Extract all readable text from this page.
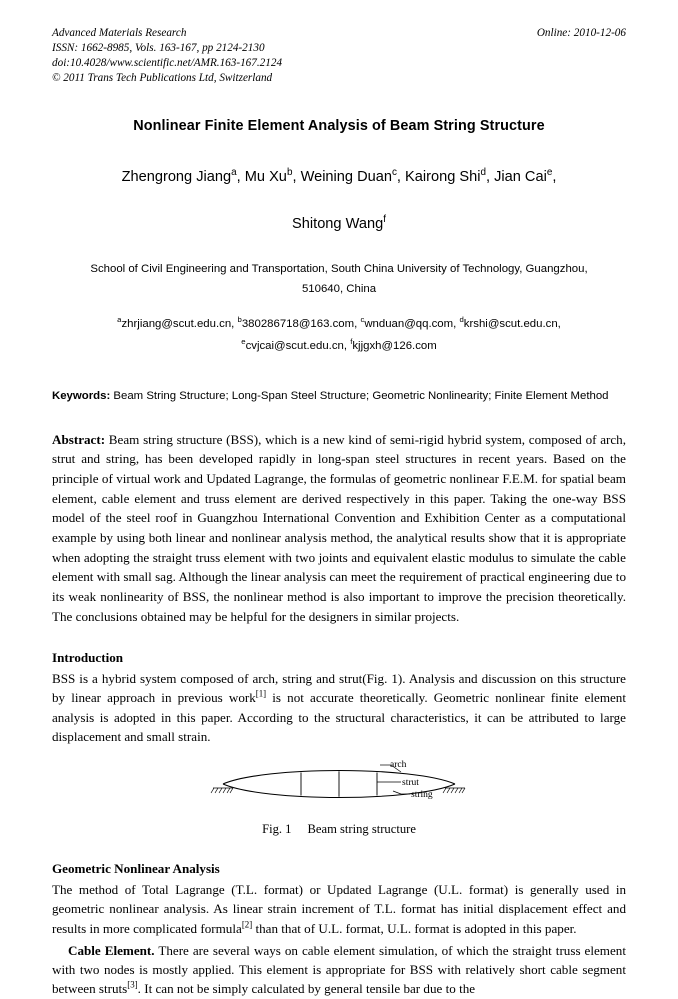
Online: 2010-12-06
Advanced Materials Research
ISSN: 1662-8985, Vols. 163-167, pp 2124-2130
doi:10.4028/www.scientific.net/AMR.163-167.2124
© 2011 Trans Tech Publications Ltd, Switzerland
Nonlinear Finite Element Analysis of Beam String Structure
Zhengrong Jiang$^a$, Mu Xu$^b$, Weining Duan$^c$, Kairong Shi$^d$, Jian Cai$^e$,
Shitong Wang$^f$
School of Civil Engineering and Transportation, South China University of Technology, Guangzhou,
510640, China
$^a$zhrjiang@scut.edu.cn, $^b$380286718@163.com, $^c$wnduan@qq.com, $^d$krshi@scut.edu.cn,
$^e$cvjcai@scut.edu.cn, $^f$kjjgxh@126.com
Keywords: Beam String Structure; Long-Span Steel Structure; Geometric Nonlinearity; Finite Element Method
Abstract: Beam string structure (BSS), which is a new kind of semi-rigid hybrid system, composed of arch, strut and string, has been developed rapidly in long-span steel structures in recent years. Based on the principle of virtual work and Updated Lagrange, the formulas of geometric nonlinear F.E.M. for spatial beam element, cable element and truss element are derived respectively in this paper. Taking the one-way BSS model of the steel roof in Guangzhou International Convention and Exhibition Center as a computational example by using both linear and nonlinear analysis method, the analytical results show that it is appropriate when adopting the straight truss element with two joints and equivalent elastic modulus to simulate the cable element with small sag. Although the linear analysis can meet the requirement of practical engineering due to its weak nonlinearity of BSS, the nonlinear method is also important to improve the precision theoretically. The conclusions obtained may be helpful for the designers in similar projects.
Introduction
BSS is a hybrid system composed of arch, string and strut(Fig. 1). Analysis and discussion on this structure by linear approach in previous work[1] is not accurate theoretically. Geometric nonlinear finite element analysis is adopted in this paper. According to the structural characteristics, it can be attributed to large displacement and small strain.
arch
strut
string
Fig. 1 Beam string structure
Geometric Nonlinear Analysis
The method of Total Lagrange (T.L. format) or Updated Lagrange (U.L. format) is generally used in geometric nonlinear analysis. As linear strain increment of T.L. format has initial displacement effect and results in more complicated formula[2] than that of U.L. format, U.L. format is adopted in this paper.
Cable Element. There are several ways on cable element simulation, of which the straight truss element with two nodes is mostly applied. This element is appropriate for BSS with relatively short cable segment between struts[3]. It can not be simply calculated by general tensile bar due to the
